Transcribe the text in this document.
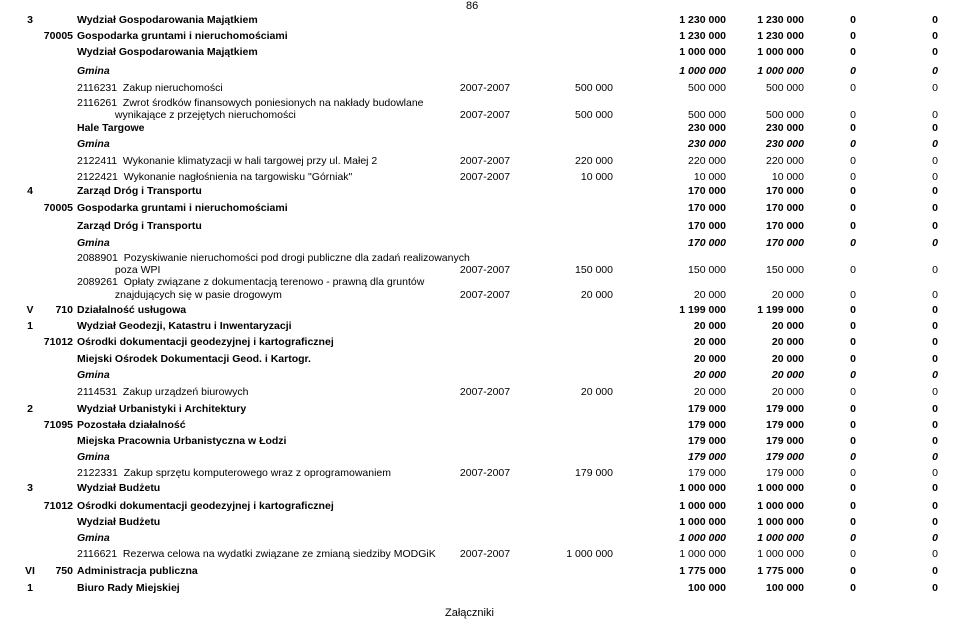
86
3	Wydział Gospodarowania Majątkiem	1 230 000	1 230 000	0	0
70005 Gospodarka gruntami i nieruchomościami	1 230 000	1 230 000	0	0
Wydział Gospodarowania Majątkiem	1 000 000	1 000 000	0	0
Gmina	1 000 000	1 000 000	0	0
2116231  Zakup nieruchomości	2007-2007	500 000	500 000	500 000	0	0
2116261  Zwrot środków finansowych poniesionych na nakłady budowlane
wynikające z przejętych nieruchomości	2007-2007	500 000	500 000	500 000	0	0
Hale Targowe	230 000	230 000	0	0
Gmina	230 000	230 000	0	0
2122411  Wykonanie klimatyzacji w hali targowej przy ul. Małej 2	2007-2007	220 000	220 000	220 000	0	0
2122421  Wykonanie nagłośnienia na targowisku "Górniak"	2007-2007	10 000	10 000	10 000	0	0
4	Zarząd Dróg i Transportu	170 000	170 000	0	0
70005 Gospodarka gruntami i nieruchomościami	170 000	170 000	0	0
Zarząd Dróg i Transportu	170 000	170 000	0	0
Gmina	170 000	170 000	0	0
2088901  Pozyskiwanie nieruchomości pod drogi publiczne dla zadań realizowanych
poza WPI	2007-2007	150 000	150 000	150 000	0	0
2089261  Opłaty związane z dokumentacją terenowo - prawną dla gruntów
znajdujących się w pasie drogowym	2007-2007	20 000	20 000	20 000	0	0
V	710 Działalność usługowa	1 199 000	1 199 000	0	0
1	Wydział Geodezji, Katastru i Inwentaryzacji	20 000	20 000	0	0
71012 Ośrodki dokumentacji geodezyjnej i kartograficznej	20 000	20 000	0	0
Miejski Ośrodek Dokumentacji Geod. i Kartogr.	20 000	20 000	0	0
Gmina	20 000	20 000	0	0
2114531  Zakup urządzeń biurowych	2007-2007	20 000	20 000	20 000	0	0
2	Wydział Urbanistyki i Architektury	179 000	179 000	0	0
71095 Pozostała działalność	179 000	179 000	0	0
Miejska Pracownia Urbanistyczna w Łodzi	179 000	179 000	0	0
Gmina	179 000	179 000	0	0
2122331  Zakup sprzętu komputerowego wraz z oprogramowaniem	2007-2007	179 000	179 000	179 000	0	0
3	Wydział Budżetu	1 000 000	1 000 000	0	0
71012 Ośrodki dokumentacji geodezyjnej i kartograficznej	1 000 000	1 000 000	0	0
Wydział Budżetu	1 000 000	1 000 000	0	0
Gmina	1 000 000	1 000 000	0	0
2116621  Rezerwa celowa na wydatki związane ze zmianą siedziby MODGiK	2007-2007	1 000 000	1 000 000	1 000 000	0	0
VI	750 Administracja publiczna	1 775 000	1 775 000	0	0
1	Biuro Rady Miejskiej	100 000	100 000	0	0
Załączniki
